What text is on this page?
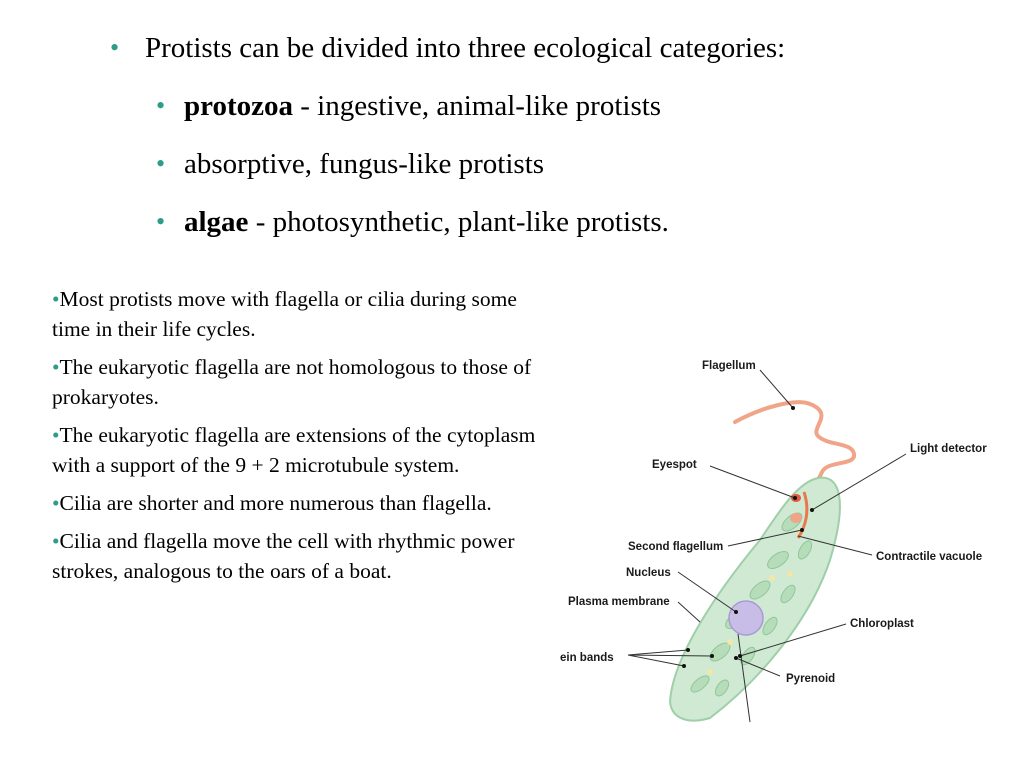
• Protists can be divided into three ecological categories:
• protozoa - ingestive, animal-like protists
• absorptive, fungus-like protists
• algae - photosynthetic, plant-like protists.
•Most protists move with flagella or cilia during some time in their life cycles.
•The eukaryotic flagella are not homologous to those of prokaryotes.
•The eukaryotic flagella are extensions of the cytoplasm with a support of the 9 + 2 microtubule system.
•Cilia are shorter and more numerous than flagella.
•Cilia and flagella move the cell with rhythmic power strokes, analogous to the oars of a boat.
Flagellum
Light detector
Eyespot
Second flagellum
Contractile vacuole
Nucleus
Plasma membrane
Chloroplast
ein bands
Pyrenoid
